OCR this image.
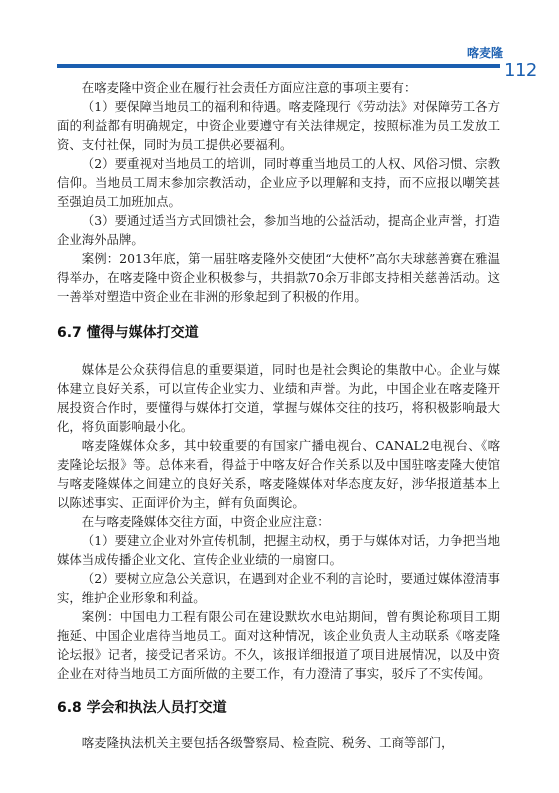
喀麦隆
112

在喀麦隆中资企业在履行社会责任方面应注意的事项主要有：

（1）要保障当地员工的福利和待遇。喀麦隆现行《劳动法》对保障劳工各方面的利益都有明确规定，中资企业要遵守有关法律规定，按照标准为员工发放工资、支付社保，同时为员工提供必要福利。

（2）要重视对当地员工的培训，同时尊重当地员工的人权、风俗习惯、宗教信仰。当地员工周末参加宗教活动，企业应予以理解和支持，而不应报以嘲笑甚至强迫员工加班加点。

（3）要通过适当方式回馈社会，参加当地的公益活动，提高企业声誉，打造企业海外品牌。

案例：2013年底，第一届驻喀麦隆外交使团“大使杯”高尔夫球慈善赛在雅温得举办，在喀麦隆中资企业积极参与，共捐款70余万非郎支持相关慈善活动。这一善举对塑造中资企业在非洲的形象起到了积极的作用。

6.7 懂得与媒体打交道

媒体是公众获得信息的重要渠道，同时也是社会舆论的集散中心。企业与媒体建立良好关系，可以宣传企业实力、业绩和声誉。为此，中国企业在喀麦隆开展投资合作时，要懂得与媒体打交道，掌握与媒体交往的技巧，将积极影响最大化，将负面影响最小化。

喀麦隆媒体众多，其中较重要的有国家广播电视台、CANAL2电视台、《喀麦隆论坛报》等。总体来看，得益于中喀友好合作关系以及中国驻喀麦隆大使馆与喀麦隆媒体之间建立的良好关系，喀麦隆媒体对华态度友好，涉华报道基本上以陈述事实、正面评价为主，鲜有负面舆论。

在与喀麦隆媒体交往方面，中资企业应注意：

（1）要建立企业对外宣传机制，把握主动权，勇于与媒体对话，力争把当地媒体当成传播企业文化、宣传企业业绩的一扇窗口。

（2）要树立应急公关意识，在遇到对企业不利的言论时，要通过媒体澄清事实，维护企业形象和利益。

案例：中国电力工程有限公司在建设默坎水电站期间，曾有舆论称项目工期拖延、中国企业虐待当地员工。面对这种情况，该企业负责人主动联系《喀麦隆论坛报》记者，接受记者采访。不久，该报详细报道了项目进展情况，以及中资企业在对待当地员工方面所做的主要工作，有力澄清了事实，驳斥了不实传闻。

6.8 学会和执法人员打交道

喀麦隆执法机关主要包括各级警察局、检查院、税务、工商等部门，
